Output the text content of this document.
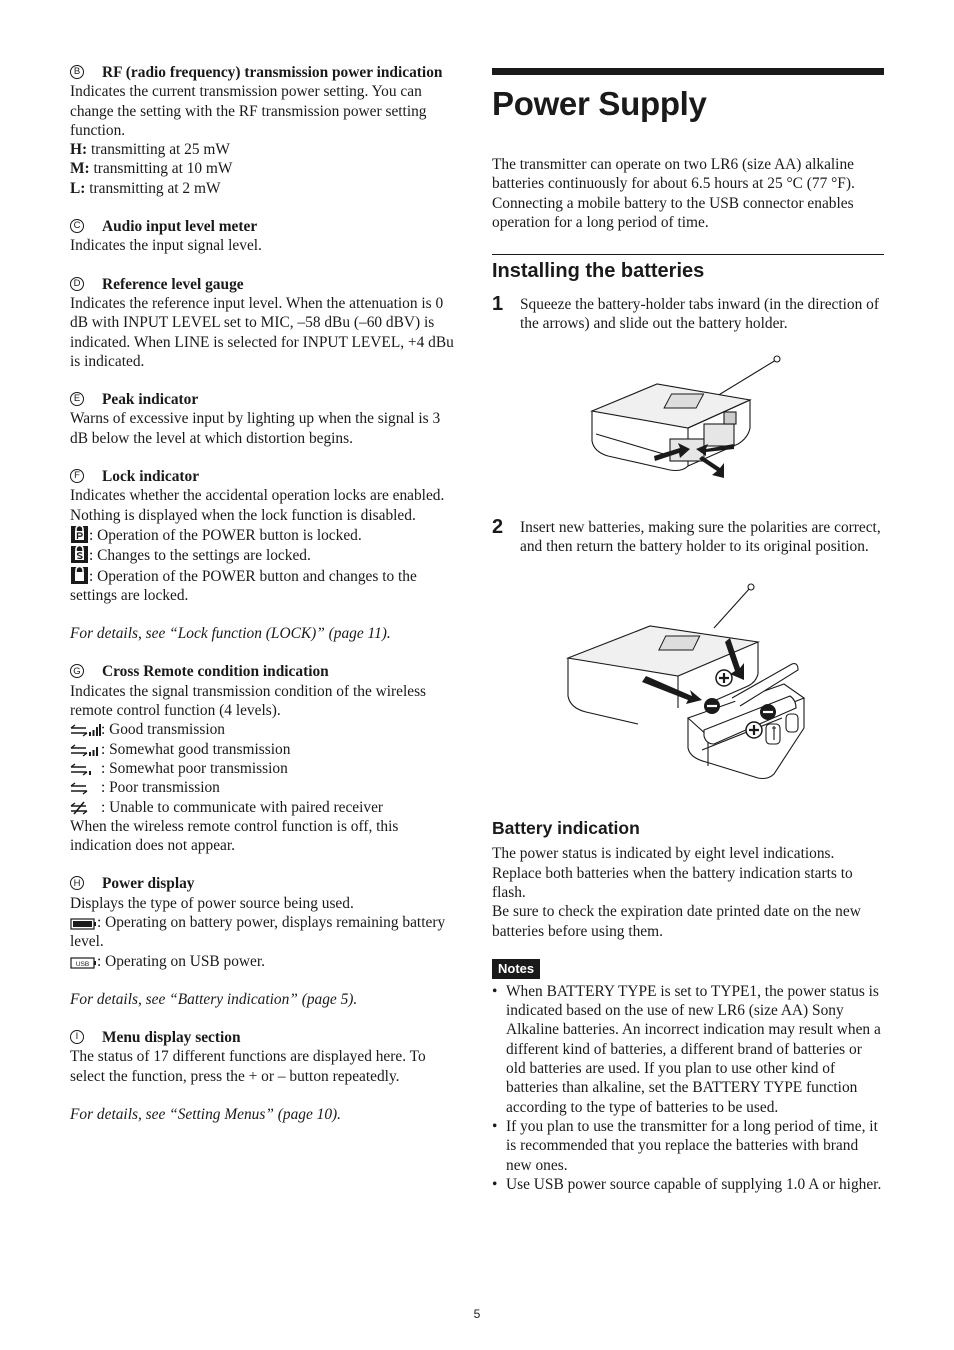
B RF (radio frequency) transmission power indication

Indicates the current transmission power setting. You can change the setting with the RF transmission power setting function.

H: transmitting at 25 mW

M: transmitting at 10 mW

L: transmitting at 2 mW

C Audio input level meter

Indicates the input signal level.

D Reference level gauge

Indicates the reference input level. When the attenuation is 0 dB with INPUT LEVEL set to MIC, –58 dBu (–60 dBV) is indicated. When LINE is selected for INPUT LEVEL, +4 dBu is indicated.

E Peak indicator

Warns of excessive input by lighting up when the signal is 3 dB below the level at which distortion begins.

F Lock indicator

Indicates whether the accidental operation locks are enabled. Nothing is displayed when the lock function is disabled.

: Operation of the POWER button is locked.

: Changes to the settings are locked.

: Operation of the POWER button and changes to the settings are locked.

For details, see “Lock function (LOCK)” (page 11).

G Cross Remote condition indication

Indicates the signal transmission condition of the wireless remote control function (4 levels).

: Good transmission

: Somewhat good transmission

: Somewhat poor transmission

: Poor transmission

: Unable to communicate with paired receiver

When the wireless remote control function is off, this indication does not appear.

H Power display

Displays the type of power source being used.

: Operating on battery power, displays remaining battery level.

USB : Operating on USB power.

For details, see “Battery indication” (page 5).

I	Menu display section

The status of 17 different functions are displayed here. To select the function, press the + or – button repeatedly.

For details, see “Setting Menus” (page 10).

Power Supply

The transmitter can operate on two LR6 (size AA) alkaline batteries continuously for about 6.5 hours at 25 °C (77 °F). Connecting a mobile battery to the USB connector enables operation for a long period of time.

Installing the batteries
1	Squeeze the battery-holder tabs inward (in the direction of the arrows) and slide out the battery holder.

2	Insert new batteries, making sure the polarities are correct, and then return the battery holder to its original position.

Battery indication

The power status is indicated by eight level indications. Replace both batteries when the battery indication starts to flash.

Be sure to check the expiration date printed date on the new batteries before using them.

Notes
• When BATTERY TYPE is set to TYPE1, the power status is indicated based on the use of new LR6 (size AA) Sony Alkaline batteries. An incorrect indication may result when a different kind of batteries, a different brand of batteries or old batteries are used. If you plan to use other kind of batteries than alkaline, set the BATTERY TYPE function according to the type of batteries to be used.
• If you plan to use the transmitter for a long period of time, it is recommended that you replace the batteries with brand new ones.
• Use USB power source capable of supplying 1.0 A or higher.
5
